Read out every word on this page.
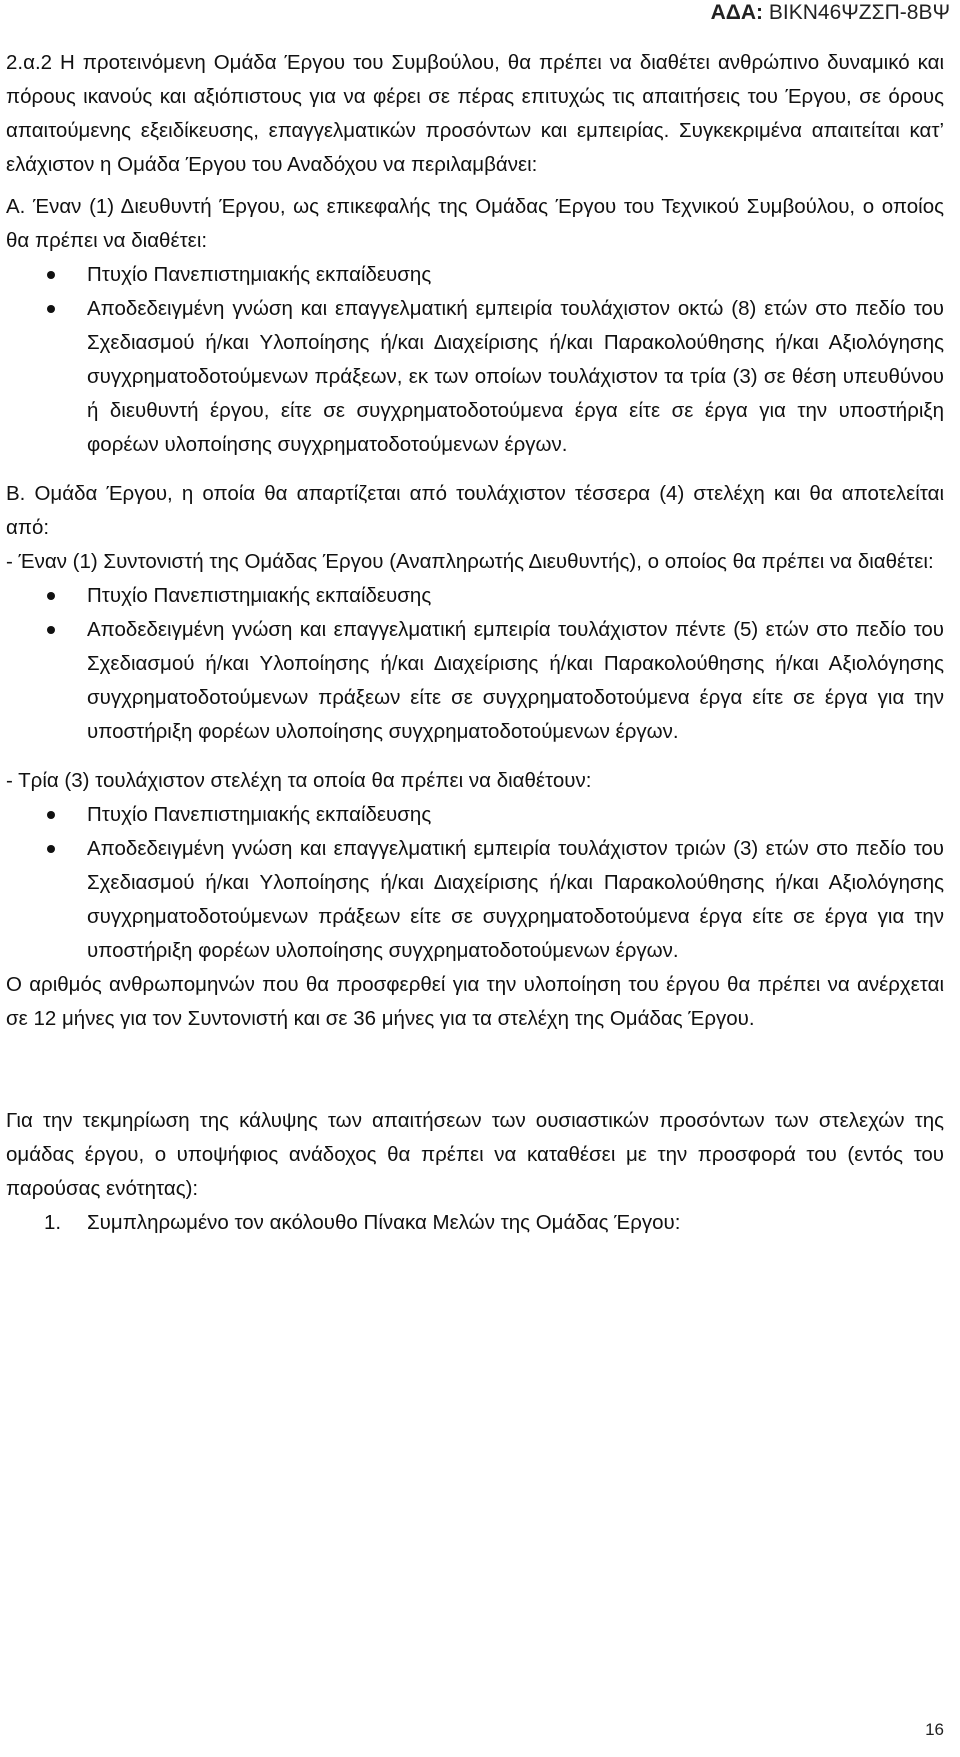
ΑΔΑ: ΒΙΚΝ46ΨΖΣΠ-8ΒΨ

2.α.2 Η προτεινόμενη Ομάδα Έργου του Συμβούλου, θα πρέπει να διαθέτει ανθρώπινο δυναμικό και πόρους ικανούς και αξιόπιστους για να φέρει σε πέρας επιτυχώς τις απαιτήσεις του Έργου, σε όρους απαιτούμενης εξειδίκευσης, επαγγελματικών προσόντων και εμπειρίας. Συγκεκριμένα απαιτείται κατ’ ελάχιστον η Ομάδα Έργου του Αναδόχου να περιλαμβάνει:

Α. Έναν (1) Διευθυντή Έργου, ως επικεφαλής της Ομάδας Έργου του Τεχνικού Συμβούλου, ο οποίος θα πρέπει να διαθέτει:

Πτυχίο Πανεπιστημιακής εκπαίδευσης
Αποδεδειγμένη γνώση και επαγγελματική εμπειρία τουλάχιστον οκτώ (8) ετών στο πεδίο του Σχεδιασμού ή/και Υλοποίησης ή/και Διαχείρισης ή/και Παρακολούθησης ή/και Αξιολόγησης συγχρηματοδοτούμενων πράξεων, εκ των οποίων τουλάχιστον τα τρία (3) σε θέση υπευθύνου ή διευθυντή έργου, είτε σε συγχρηματοδοτούμενα έργα είτε σε έργα για την υποστήριξη φορέων υλοποίησης συγχρηματοδοτούμενων έργων.

Β. Ομάδα Έργου, η οποία θα απαρτίζεται από τουλάχιστον τέσσερα (4) στελέχη και θα αποτελείται από:

- Έναν (1) Συντονιστή της Ομάδας Έργου (Αναπληρωτής Διευθυντής), ο οποίος θα πρέπει να διαθέτει:

Πτυχίο Πανεπιστημιακής εκπαίδευσης
Αποδεδειγμένη γνώση και επαγγελματική εμπειρία τουλάχιστον πέντε (5) ετών στο πεδίο του Σχεδιασμού ή/και Υλοποίησης ή/και Διαχείρισης ή/και Παρακολούθησης ή/και Αξιολόγησης συγχρηματοδοτούμενων πράξεων είτε σε συγχρηματοδοτούμενα έργα είτε σε έργα για την υποστήριξη φορέων υλοποίησης συγχρηματοδοτούμενων έργων.

- Τρία (3) τουλάχιστον στελέχη τα οποία θα πρέπει να διαθέτουν:

Πτυχίο Πανεπιστημιακής εκπαίδευσης
Αποδεδειγμένη γνώση και επαγγελματική εμπειρία τουλάχιστον τριών (3) ετών στο πεδίο του Σχεδιασμού ή/και Υλοποίησης ή/και Διαχείρισης ή/και Παρακολούθησης ή/και Αξιολόγησης συγχρηματοδοτούμενων πράξεων είτε σε συγχρηματοδοτούμενα έργα είτε σε έργα για την υποστήριξη φορέων υλοποίησης συγχρηματοδοτούμενων έργων.

Ο αριθμός ανθρωπομηνών που θα προσφερθεί για την υλοποίηση του έργου θα πρέπει να ανέρχεται σε 12 μήνες για τον Συντονιστή και σε 36 μήνες για τα στελέχη της Ομάδας Έργου.

Για την τεκμηρίωση της κάλυψης των απαιτήσεων των ουσιαστικών προσόντων των στελεχών της ομάδας έργου, ο υποψήφιος ανάδοχος θα πρέπει να καταθέσει με την προσφορά του (εντός του παρούσας ενότητας):

1. Συμπληρωμένο τον ακόλουθο Πίνακα Μελών της Ομάδας Έργου:
16
